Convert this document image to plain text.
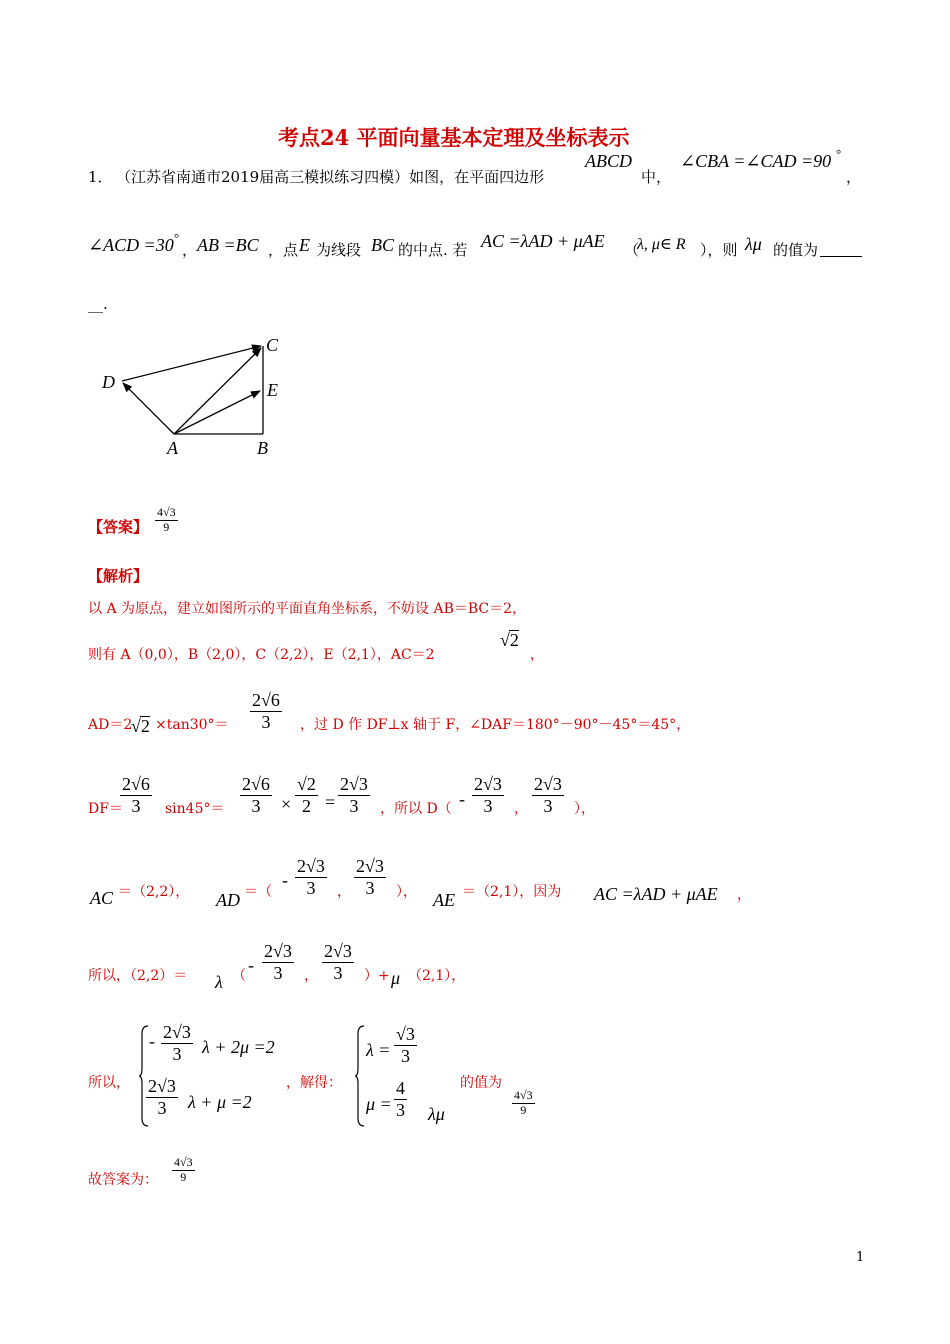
考点24 平面向量基本定理及坐标表示
1． （江苏省南通市2019届高三模拟练习四模）如图，在平面四边形
ABCD
中，
∠CBA =∠CAD =90 °
，
∠ACD =30 °
， AB =BC ，点 E 为线段 BC 的中点. 若 AC =λAD + μAE （
λ, μ∈ R ），则 λμ 的值为
__.
C
D	E
A	B
【答案】 $\frac{4√3}{9}$
【解析】
以 A 为原点，建立如图所示的平面直角坐标系，不妨设 AB＝BC＝2，
则有 A（0,0），B（2,0），C（2,2），E（2,1），AC＝2
√2
，
AD＝2
$√2 \times\tan 30^\circ= \frac{2√6}{3}$ ，过 D 作 DF⊥x 轴于 F，∠DAF＝180°－90°－45°＝45°，
DF＝
$\frac{2√6}{3} \sin 45^\circ= \frac{2√6}{3} \times \frac{√2}{2} = \frac{2√3}{3}$ ，所以 $D( - \frac{2√3}{3}$ ， $\frac{2√3}{3}$ ），
AC ＝（2,2）， AD ＝（
- $\frac{2√3}{3}$ ， $\frac{2√3}{3}$ ）， AE ＝（2,1），因为 AC =λAD + μAE ，
所以，（2,2）＝ λ （
- $\frac{2√3}{3}$ ， $\frac{2√3}{3}$ ）+ μ （2,1），
所以，
- $\frac{2√3}{3}$ λ + 2μ =2
$\frac{2√3}{3}$ λ + μ =2
，解得：
$\lambda = \frac{√3}{3}$
$\mu = \frac{4}{3}$ λμ
的值为
$\frac{4√3}{9}$
故答案为： $\frac{4√3}{9}$
1
